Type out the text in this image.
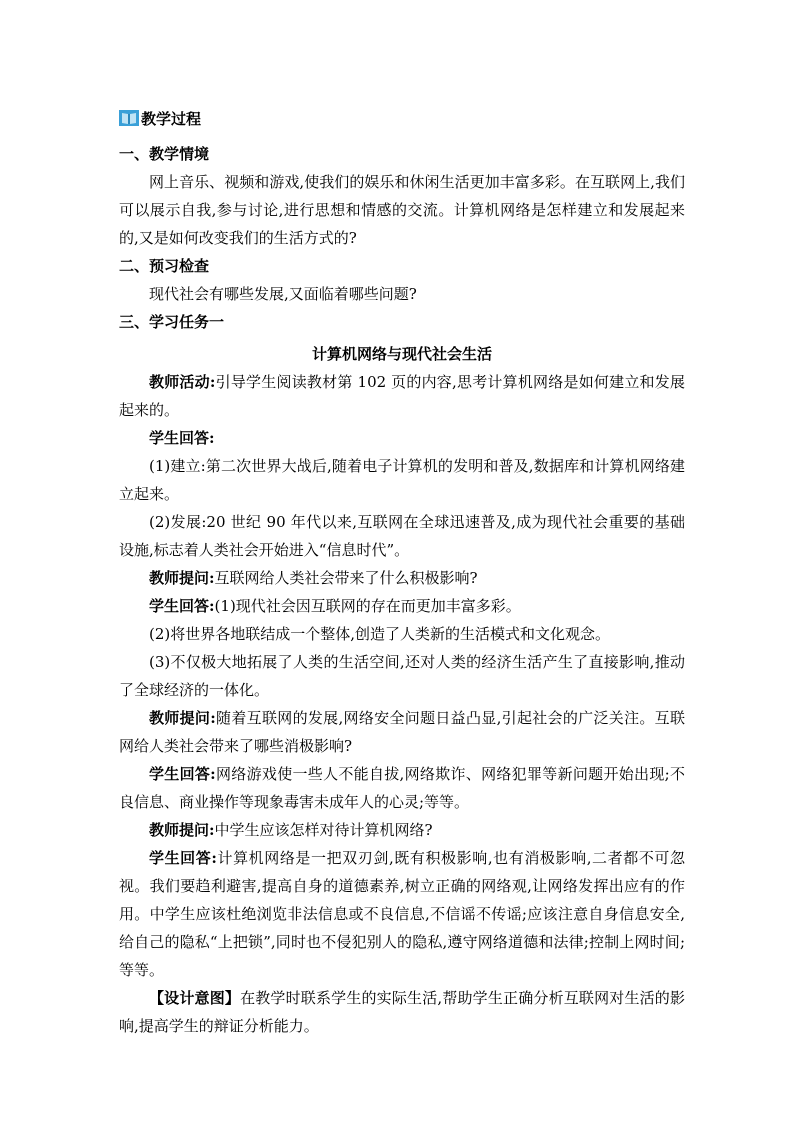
教学过程
一、教学情境
网上音乐、视频和游戏,使我们的娱乐和休闲生活更加丰富多彩。在互联网上,我们可以展示自我,参与讨论,进行思想和情感的交流。计算机网络是怎样建立和发展起来的,又是如何改变我们的生活方式的?
二、预习检查
现代社会有哪些发展,又面临着哪些问题?
三、学习任务一
计算机网络与现代社会生活
教师活动:引导学生阅读教材第 102 页的内容,思考计算机网络是如何建立和发展起来的。
学生回答:
(1)建立:第二次世界大战后,随着电子计算机的发明和普及,数据库和计算机网络建立起来。
(2)发展:20 世纪 90 年代以来,互联网在全球迅速普及,成为现代社会重要的基础设施,标志着人类社会开始进入“信息时代”。
教师提问:互联网给人类社会带来了什么积极影响?
学生回答:(1)现代社会因互联网的存在而更加丰富多彩。
(2)将世界各地联结成一个整体,创造了人类新的生活模式和文化观念。
(3)不仅极大地拓展了人类的生活空间,还对人类的经济生活产生了直接影响,推动了全球经济的一体化。
教师提问:随着互联网的发展,网络安全问题日益凸显,引起社会的广泛关注。互联网给人类社会带来了哪些消极影响?
学生回答:网络游戏使一些人不能自拔,网络欺诈、网络犯罪等新问题开始出现;不良信息、商业操作等现象毒害未成年人的心灵;等等。
教师提问:中学生应该怎样对待计算机网络?
学生回答:计算机网络是一把双刃剑,既有积极影响,也有消极影响,二者都不可忽视。我们要趋利避害,提高自身的道德素养,树立正确的网络观,让网络发挥出应有的作用。中学生应该杜绝浏览非法信息或不良信息,不信谣不传谣;应该注意自身信息安全,给自己的隐私“上把锁”,同时也不侵犯别人的隐私,遵守网络道德和法律;控制上网时间;等等。
【设计意图】在教学时联系学生的实际生活,帮助学生正确分析互联网对生活的影响,提高学生的辩证分析能力。
